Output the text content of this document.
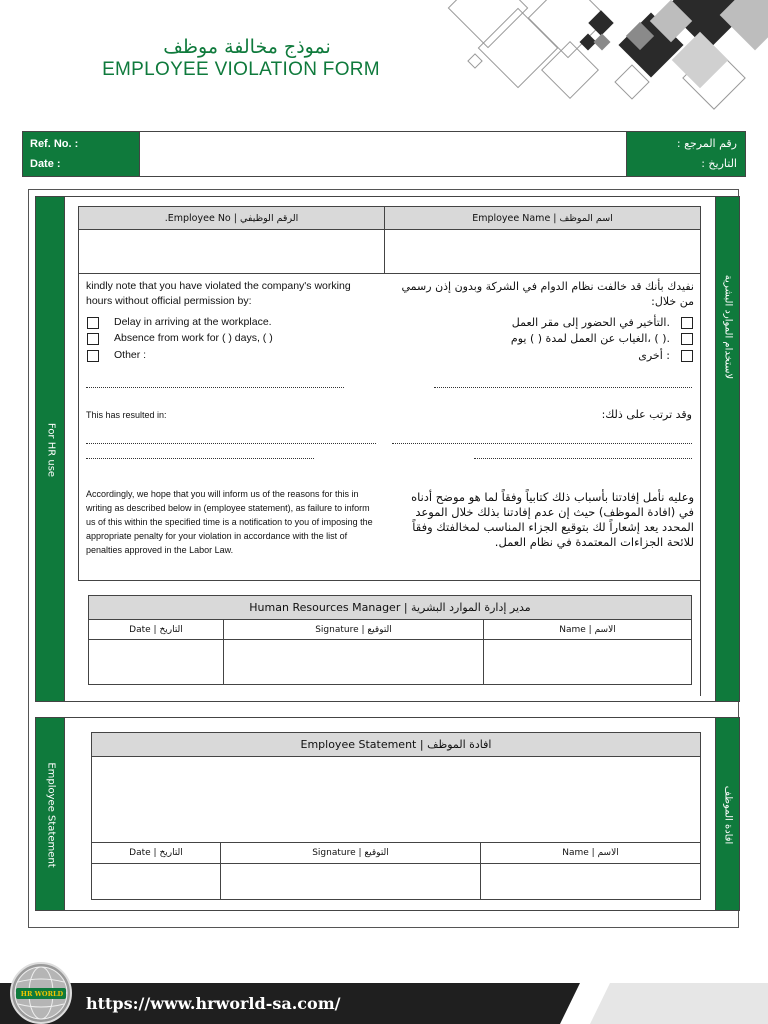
نموذج مخالفة موظف
EMPLOYEE VIOLATION FORM
Ref. No. :
Date :
رقم المرجع :
التاريخ :
For HR use
لاستخدام الموارد البشرية
.Employee No | الرقم الوظيفي	Employee Name | اسم الموظف
kindly note that you have violated the company's working hours without official permission by:
نفيدك بأنك قد خالفت نظام الدوام في الشركة وبدون إذن رسمي من خلال:
Delay in arriving at the workplace.
Absence from work for ( ) days, ( )
Other :
.التأخير في الحضور إلى مقر العمل
.( ) ،الغياب عن العمل لمدة ( ) يوم
: أخرى
This has resulted in:	وقد ترتب على ذلك:
Accordingly, we hope that you will inform us of the reasons for this in writing as described below in (employee statement), as failure to inform us of this within the specified time is a notification to you of imposing the appropriate penalty for your violation in accordance with the list of penalties approved in the Labor Law.
وعليه نأمل إفادتنا بأسباب ذلك كتابياً وفقاً لما هو موضح أدناه في (افادة الموظف) حيث إن عدم إفادتنا بذلك خلال الموعد المحدد يعد إشعاراً لك بتوقيع الجزاء المناسب لمخالفتك وفقاً للائحة الجزاءات المعتمدة في نظام العمل.
Human Resources Manager | مدير إدارة الموارد البشرية
Date | التاريخ	Signature | التوقيع	Name | الاسم
Employee Statement	افادة الموظف
Employee Statement | افادة الموظف
Date | التاريخ	Signature | التوقيع	Name | الاسم
HR WORLD https://www.hrworld-sa.com/
